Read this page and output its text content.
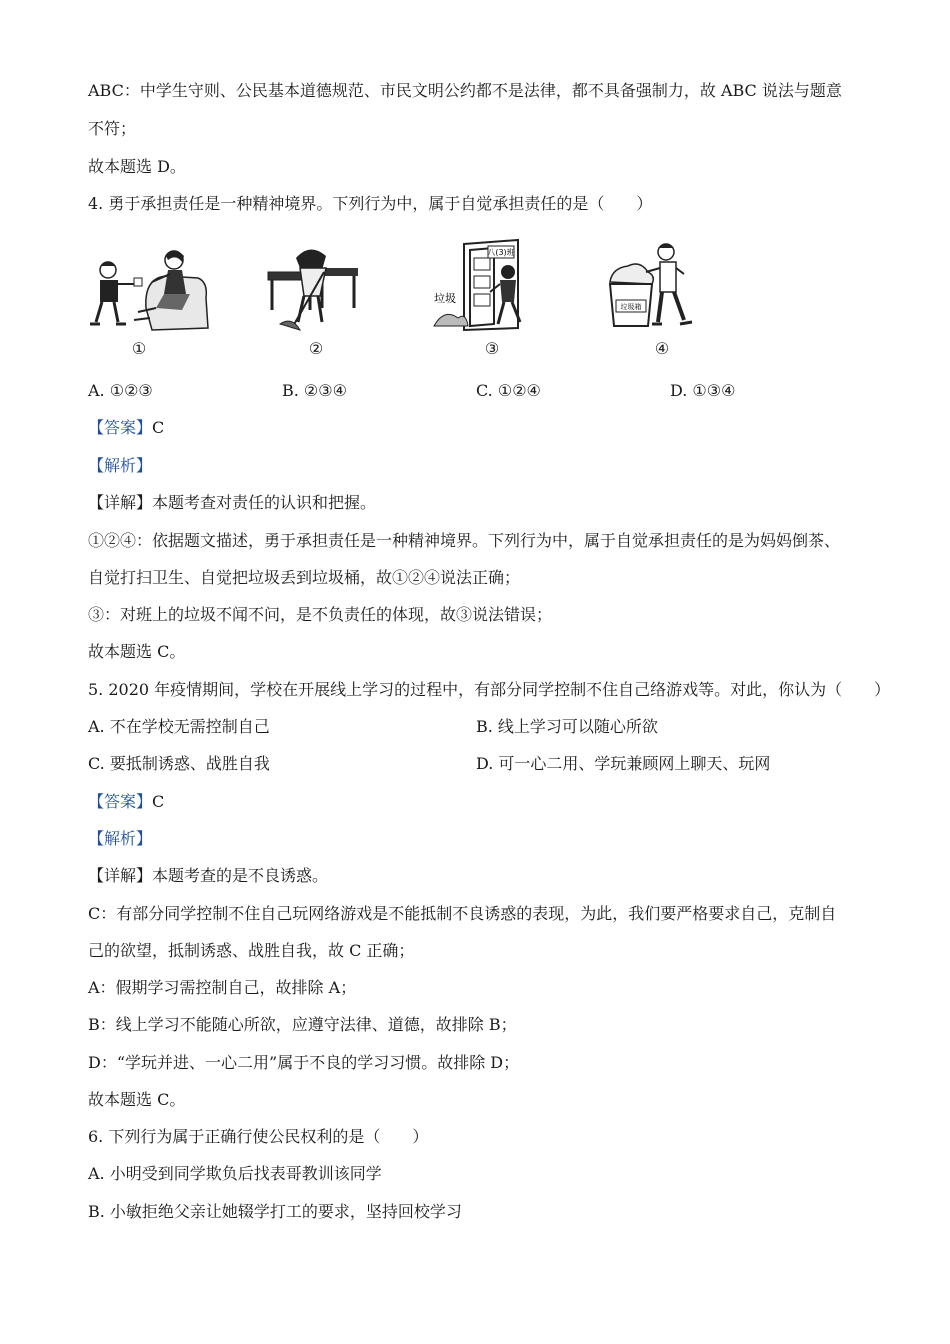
ABC：中学生守则、公民基本道德规范、市民文明公约都不是法律，都不具备强制力，故 ABC 说法与题意
不符；
故本题选 D。
4. 勇于承担责任是一种精神境界。下列行为中，属于自觉承担责任的是（　　）
八(3)班
垃圾
垃圾箱
①	②	③	④
A. ①②③	B. ②③④	C. ①②④	D. ①③④
【答案】C
【解析】
【详解】本题考查对责任的认识和把握。
①②④：依据题文描述，勇于承担责任是一种精神境界。下列行为中，属于自觉承担责任的是为妈妈倒茶、
自觉打扫卫生、自觉把垃圾丢到垃圾桶，故①②④说法正确；
③：对班上的垃圾不闻不问，是不负责任的体现，故③说法错误；
故本题选 C。
5. 2020 年疫情期间，学校在开展线上学习的过程中，有部分同学控制不住自己络游戏等。对此，你认为（　　）
A. 不在学校无需控制自己	B. 线上学习可以随心所欲
C. 要抵制诱惑、战胜自我	D. 可一心二用、学玩兼顾网上聊天、玩网
【答案】C
【解析】
【详解】本题考查的是不良诱惑。
C：有部分同学控制不住自己玩网络游戏是不能抵制不良诱惑的表现，为此，我们要严格要求自己，克制自
己的欲望，抵制诱惑、战胜自我，故 C 正确；
A：假期学习需控制自己，故排除 A；
B：线上学习不能随心所欲，应遵守法律、道德，故排除 B；
D：“学玩并进、一心二用”属于不良的学习习惯。故排除 D；
故本题选 C。
6. 下列行为属于正确行使公民权利的是（　　）
A. 小明受到同学欺负后找表哥教训该同学
B. 小敏拒绝父亲让她辍学打工的要求，坚持回校学习
